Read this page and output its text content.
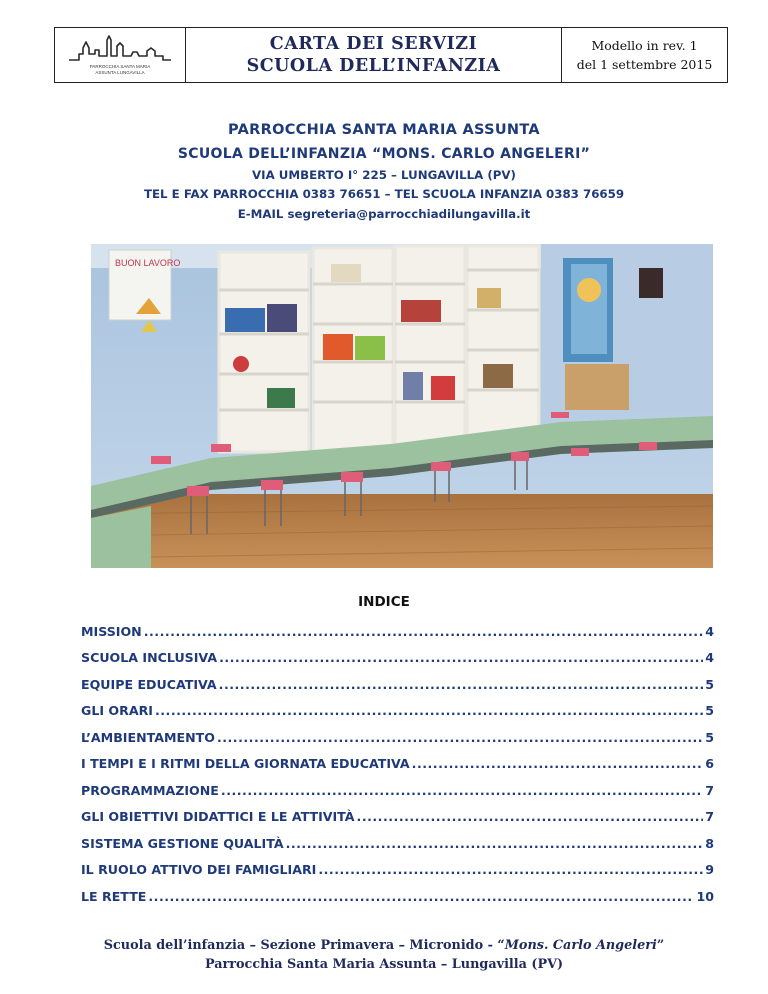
PARROCCHIA SANTA MARIA ASSUNTA LUNGAVILLA
CARTA DEI SERVIZI
SCUOLA DELL’INFANZIA
Modello in rev. 1
del 1 settembre 2015
PARROCCHIA SANTA MARIA ASSUNTA
SCUOLA DELL’INFANZIA “MONS. CARLO ANGELERI”
VIA UMBERTO I° 225 – LUNGAVILLA (PV)
TEL E FAX PARROCCHIA 0383 76651 – TEL SCUOLA INFANZIA 0383 76659
E-MAIL segreteria@parrocchiadilungavilla.it
BUON LAVORO
INDICE
MISSION .....	4
SCUOLA INCLUSIVA .....	4
EQUIPE EDUCATIVA .....	5
GLI ORARI .....	5
L’AMBIENTAMENTO .....	5
I TEMPI E I RITMI DELLA GIORNATA EDUCATIVA .....	6
PROGRAMMAZIONE .....	7
GLI OBIETTIVI DIDATTICI E LE ATTIVITÀ .....	7
SISTEMA GESTIONE QUALITÀ .....	8
IL RUOLO ATTIVO DEI FAMIGLIARI .....	9
LE RETTE .....	10
Scuola dell’infanzia – Sezione Primavera – Micronido - “Mons. Carlo Angeleri”
Parrocchia Santa Maria Assunta – Lungavilla (PV)
